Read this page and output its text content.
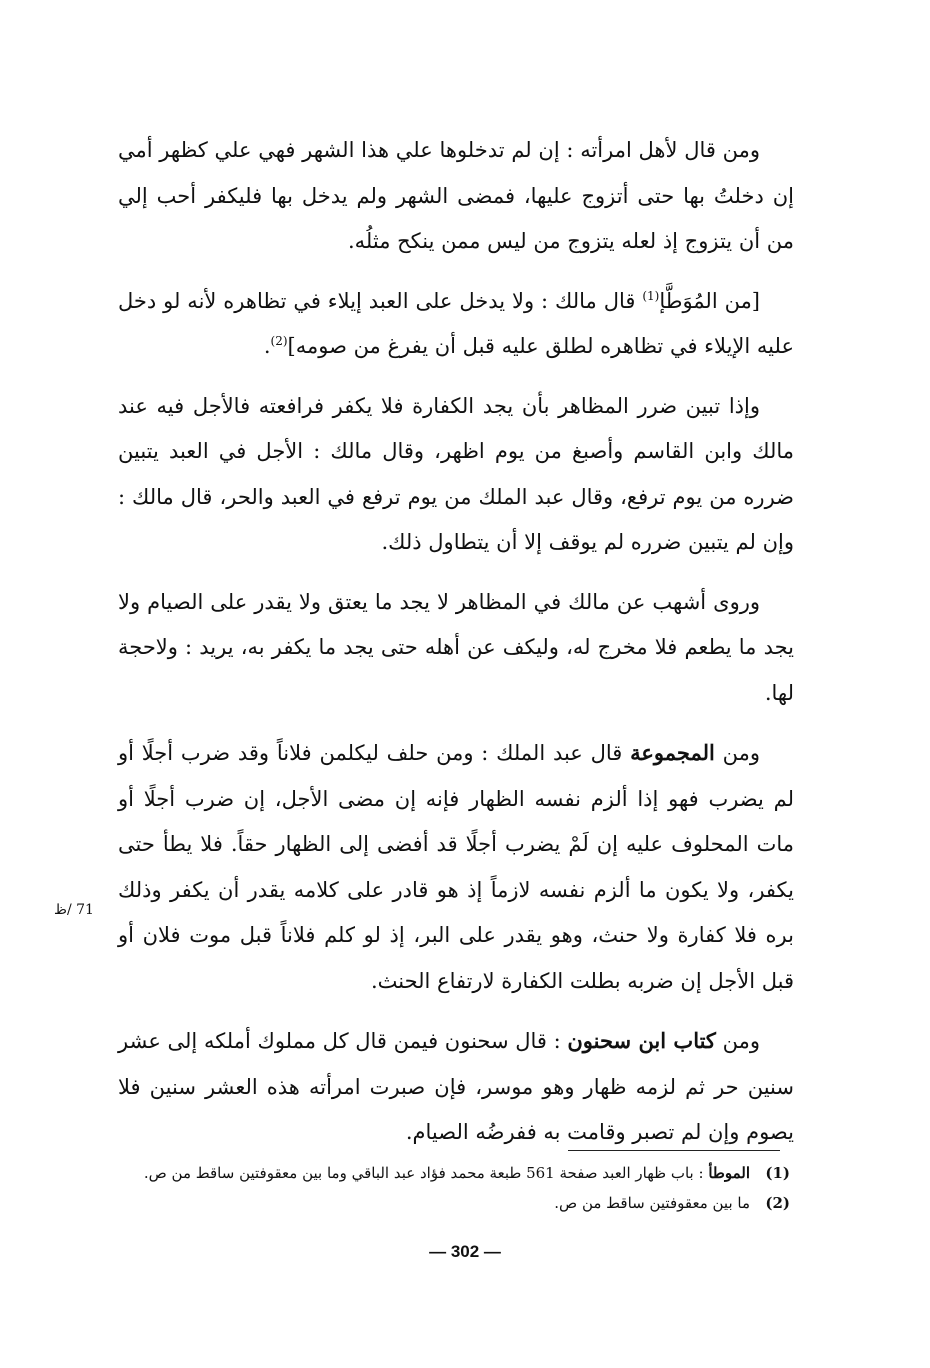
ومن قال لأهل امرأته : إن لم تدخلوها علي هذا الشهر فهي علي كظهر أمي إن دخلتُ بها حتى أتزوج عليها، فمضى الشهر ولم يدخل بها فليكفر أحب إلي من أن يتزوج إذ لعله يتزوج من ليس ممن ينكح مثلُه.

[من المُوَطَّإ$^{(1)}$ قال مالك : ولا يدخل على العبد إيلاء في تظاهره لأنه لو دخل عليه الإيلاء في تظاهره لطلق عليه قبل أن يفرغ من صومه]$^{(2)}$.

وإذا تبين ضرر المظاهر بأن يجد الكفارة فلا يكفر فرافعته فالأجل فيه عند مالك وابن القاسم وأصبغ من يوم اظهر، وقال مالك : الأجل في العبد يتبين ضرره من يوم ترفع، وقال عبد الملك من يوم ترفع في العبد والحر، قال مالك : وإن لم يتبين ضرره لم يوقف إلا أن يتطاول ذلك.

وروى أشهب عن مالك في المظاهر لا يجد ما يعتق ولا يقدر على الصيام ولا يجد ما يطعم فلا مخرج له، وليكف عن أهله حتى يجد ما يكفر به، يريد : ولاحجة لها.

ومن المجموعة قال عبد الملك : ومن حلف ليكلمن فلاناً وقد ضرب أجلًا أو لم يضرب فهو إذا ألزم نفسه الظهار فإنه إن مضى الأجل، إن ضرب أجلًا أو مات المحلوف عليه إن لَمْ يضرب أجلًا قد أفضى إلى الظهار حقاً. فلا يطأ حتى يكفر، ولا يكون ما ألزم نفسه لازماً إذ هو قادر على كلامه يقدر أن يكفر وذلك بره فلا كفارة ولا حنث، وهو يقدر على البر، إذ لو كلم فلاناً قبل موت فلان أو قبل الأجل إن ضربه بطلت الكفارة لارتفاع الحنث.

ومن كتاب ابن سحنون : قال سحنون فيمن قال كل مملوك أملكه إلى عشر سنين حر ثم لزمه ظهار وهو موسر، فإن صبرت امرأته هذه العشر سنين فلا يصوم وإن لم تصبر وقامت به ففرضُه الصيام.

71 /ظ
(1)
الموطأ : باب ظهار العبد صفحة 561 طبعة محمد فؤاد عبد الباقي وما بين معقوفتين ساقط من ص.
(2)
ما بين معقوفتين ساقط من ص.
— 302 —
